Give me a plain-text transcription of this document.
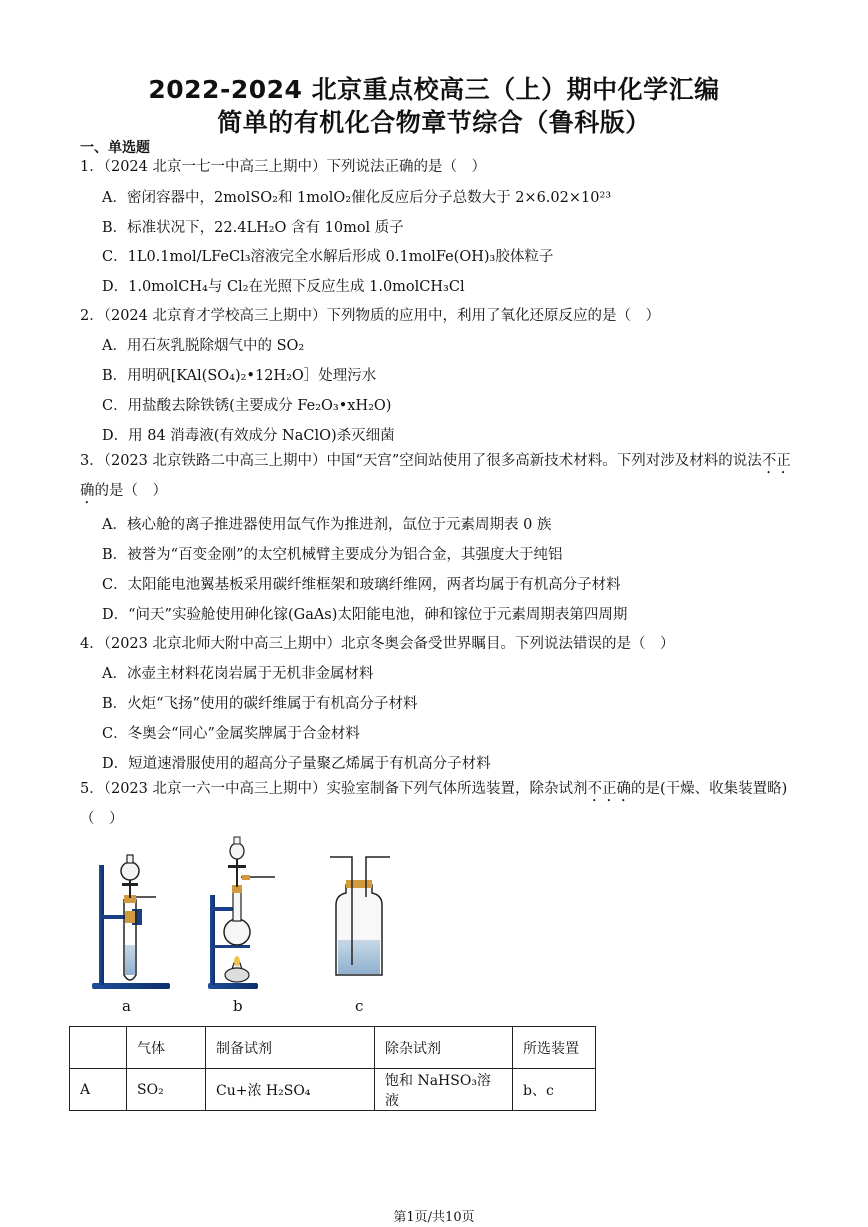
2022-2024 北京重点校高三（上）期中化学汇编
简单的有机化合物章节综合（鲁科版）
一、单选题
1．（2024 北京一七一中高三上期中）下列说法正确的是（　）
A．密闭容器中，2molSO₂和 1molO₂催化反应后分子总数大于 2×6.02×10²³
B．标准状况下，22.4LH₂O 含有 10mol 质子
C．1L0.1mol/LFeCl₃溶液完全水解后形成 0.1molFe(OH)₃胶体粒子
D．1.0molCH₄与 Cl₂在光照下反应生成 1.0molCH₃Cl
2．（2024 北京育才学校高三上期中）下列物质的应用中，利用了氧化还原反应的是（　）
A．用石灰乳脱除烟气中的 SO₂
B．用明矾[KAl(SO₄)₂•12H₂O］处理污水
C．用盐酸去除铁锈(主要成分 Fe₂O₃•xH₂O)
D．用 84 消毒液(有效成分 NaClO)杀灭细菌
3．（2023 北京铁路二中高三上期中）中国“天宫”空间站使用了很多高新技术材料。下列对涉及材料的说法不正确的是（　）
A．核心舱的离子推进器使用氙气作为推进剂，氙位于元素周期表 0 族
B．被誉为“百变金刚”的太空机械臂主要成分为铝合金，其强度大于纯铝
C．太阳能电池翼基板采用碳纤维框架和玻璃纤维网，两者均属于有机高分子材料
D．“问天”实验舱使用砷化镓(GaAs)太阳能电池，砷和镓位于元素周期表第四周期
4．（2023 北京北师大附中高三上期中）北京冬奥会备受世界瞩目。下列说法错误的是（　）
A．冰壶主材料花岗岩属于无机非金属材料
B．火炬“飞扬”使用的碳纤维属于有机高分子材料
C．冬奥会“同心”金属奖牌属于合金材料
D．短道速滑服使用的超高分子量聚乙烯属于有机高分子材料
5．（2023 北京一六一中高三上期中）实验室制备下列气体所选装置，除杂试剂不正确的是(干燥、收集装置略)（　）
a	b	c
	气体	制备试剂	除杂试剂	所选装置
A	SO₂	Cu+浓 H₂SO₄	饱和 NaHSO₃溶液	b、c
第1页/共10页
